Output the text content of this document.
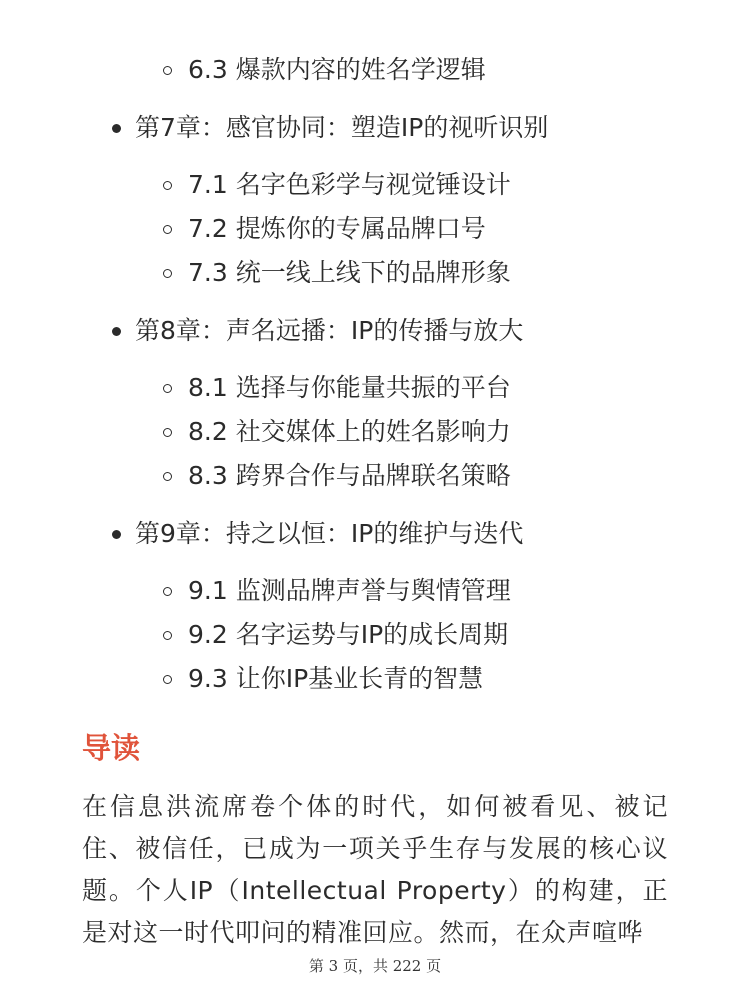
6.3 爆款内容的姓名学逻辑
第7章：感官协同：塑造IP的视听识别
7.1 名字色彩学与视觉锤设计
7.2 提炼你的专属品牌口号
7.3 统一线上线下的品牌形象
第8章：声名远播：IP的传播与放大
8.1 选择与你能量共振的平台
8.2 社交媒体上的姓名影响力
8.3 跨界合作与品牌联名策略
第9章：持之以恒：IP的维护与迭代
9.1 监测品牌声誉与舆情管理
9.2 名字运势与IP的成长周期
9.3 让你IP基业长青的智慧
导读

在信息洪流席卷个体的时代，如何被看见、被记住、被信任，已成为一项关乎生存与发展的核心议题。个人IP（Intellectual Property）的构建，正是对这一时代叩问的精准回应。然而，在众声喧哗

第 3 页，共 222 页
